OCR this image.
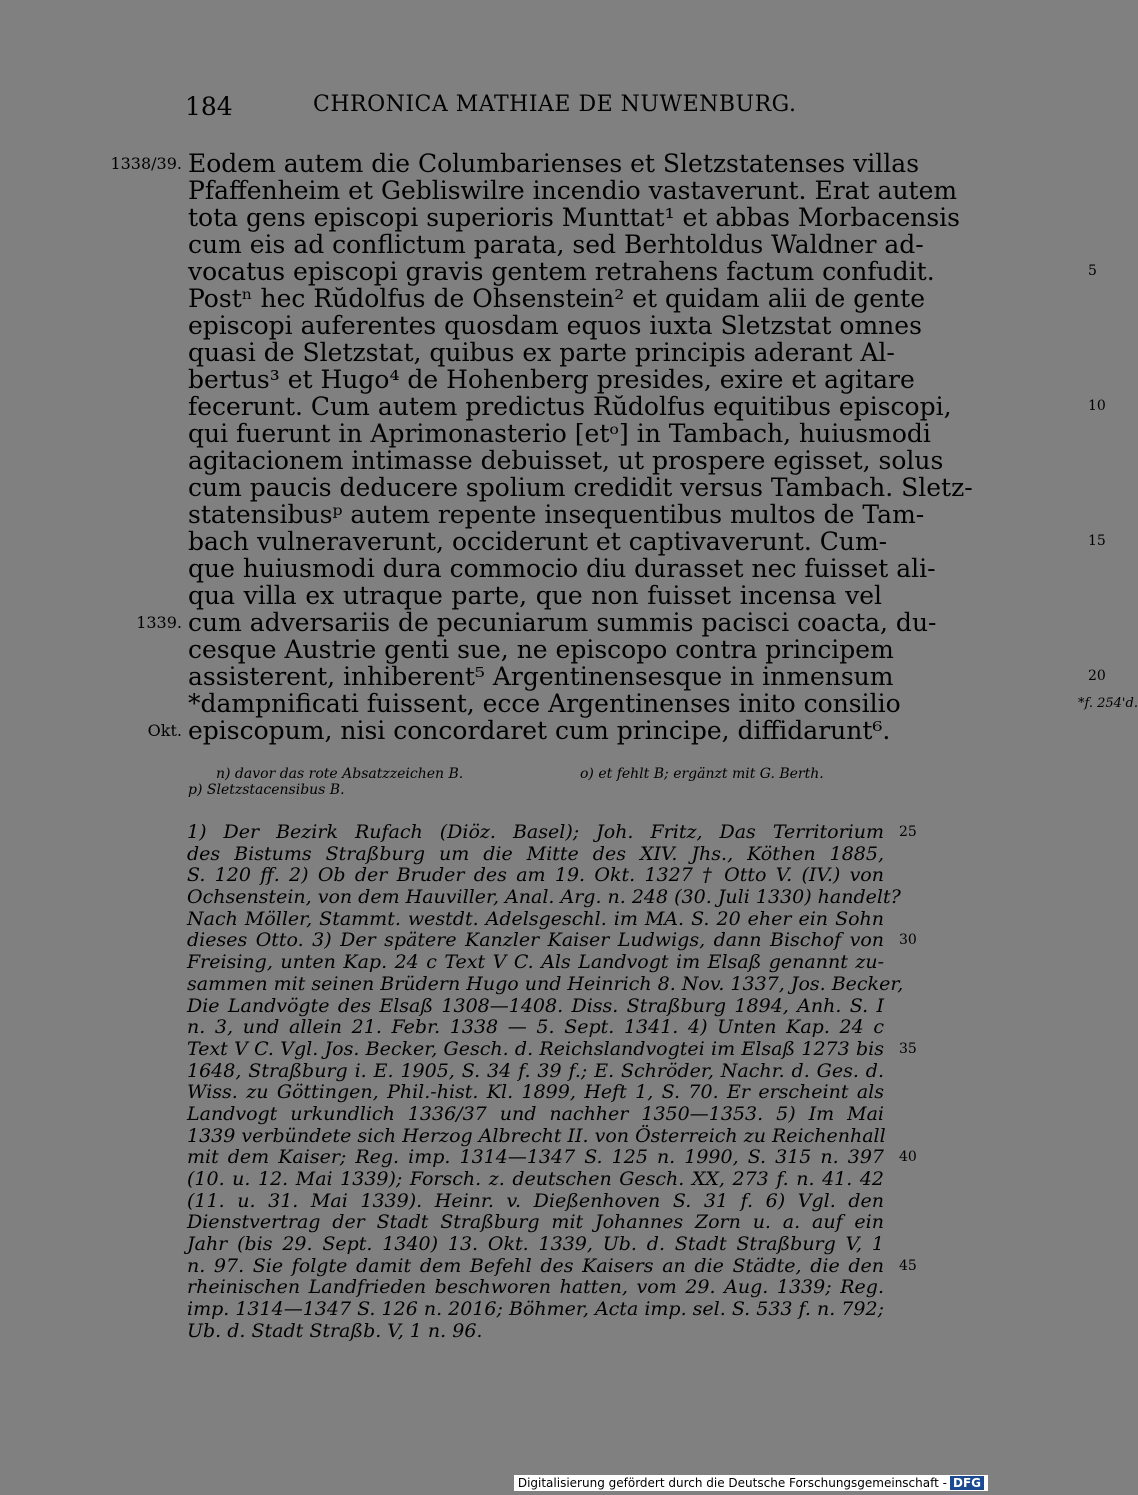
184	CHRONICA MATHIAE DE NUWENBURG.
Eodem autem die Columbarienses et Sletzstatenses villas
1338/39.
Pfaffenheim et Gebliswilre incendio vastaverunt. Erat autem
tota gens episcopi superioris Munttat¹ et abbas Morbacensis
cum eis ad conflictum parata, sed Berhtoldus Waldner ad-
vocatus episcopi gravis gentem retrahens factum confudit.	5
Postⁿ hec Rŭdolfus de Ohsenstein² et quidam alii de gente
episcopi auferentes quosdam equos iuxta Sletzstat omnes
quasi de Sletzstat, quibus ex parte principis aderant Al-
bertus³ et Hugo⁴ de Hohenberg presides, exire et agitare
fecerunt. Cum autem predictus Rŭdolfus equitibus episcopi,	10
qui fuerunt in Aprimonasterio [etᵒ] in Tambach, huiusmodi
agitacionem intimasse debuisset, ut prospere egisset, solus
cum paucis deducere spolium credidit versus Tambach. Sletz-
statensibusᵖ autem repente insequentibus multos de Tam-
bach vulneraverunt, occiderunt et captivaverunt. Cum-	15
que huiusmodi dura commocio diu durasset nec fuisset ali-
qua villa ex utraque parte, que non fuisset incensa vel
cum adversariis de pecuniarum summis pacisci coacta, du-
1339.
cesque Austrie genti sue, ne episcopo contra principem
assisterent, inhiberent⁵ Argentinensesque in inmensum	20
*dampnificati fuissent, ecce Argentinenses inito consilio	*f. 254'd.
episcopum, nisi concordaret cum principe, diffidarunt⁶.
Okt.
n) davor das rote Absatzzeichen B.	o) et fehlt B; ergänzt mit G. Berth.
p) Sletzstacensibus B.
1) Der Bezirk Rufach (Diöz. Basel); Joh. Fritz, Das Territorium 25
des Bistums Straßburg um die Mitte des XIV. Jhs., Köthen 1885,
S. 120 ff. 2) Ob der Bruder des am 19. Okt. 1327 † Otto V. (IV.) von
Ochsenstein, von dem Hauviller, Anal. Arg. n. 248 (30. Juli 1330) handelt?
Nach Möller, Stammt. westdt. Adelsgeschl. im MA. S. 20 eher ein Sohn
dieses Otto. 3) Der spätere Kanzler Kaiser Ludwigs, dann Bischof von 30
Freising, unten Kap. 24 c Text V C. Als Landvogt im Elsaß genannt zu-
sammen mit seinen Brüdern Hugo und Heinrich 8. Nov. 1337, Jos. Becker,
Die Landvögte des Elsaß 1308—1408. Diss. Straßburg 1894, Anh. S. I
n. 3, und allein 21. Febr. 1338 — 5. Sept. 1341. 4) Unten Kap. 24 c
Text V C. Vgl. Jos. Becker, Gesch. d. Reichslandvogtei im Elsaß 1273 bis 35
1648, Straßburg i. E. 1905, S. 34 f. 39 f.; E. Schröder, Nachr. d. Ges. d.
Wiss. zu Göttingen, Phil.-hist. Kl. 1899, Heft 1, S. 70. Er erscheint als
Landvogt urkundlich 1336/37 und nachher 1350—1353. 5) Im Mai
1339 verbündete sich Herzog Albrecht II. von Österreich zu Reichenhall
mit dem Kaiser; Reg. imp. 1314—1347 S. 125 n. 1990, S. 315 n. 397 40
(10. u. 12. Mai 1339); Forsch. z. deutschen Gesch. XX, 273 f. n. 41. 42
(11. u. 31. Mai 1339). Heinr. v. Dießenhoven S. 31 f. 6) Vgl. den
Dienstvertrag der Stadt Straßburg mit Johannes Zorn u. a. auf ein
Jahr (bis 29. Sept. 1340) 13. Okt. 1339, Ub. d. Stadt Straßburg V, 1
n. 97. Sie folgte damit dem Befehl des Kaisers an die Städte, die den 45
rheinischen Landfrieden beschworen hatten, vom 29. Aug. 1339; Reg.
imp. 1314—1347 S. 126 n. 2016; Böhmer, Acta imp. sel. S. 533 f. n. 792;
Ub. d. Stadt Straßb. V, 1 n. 96.
Digitalisierung gefördert durch die Deutsche Forschungsgemeinschaft - DFG
